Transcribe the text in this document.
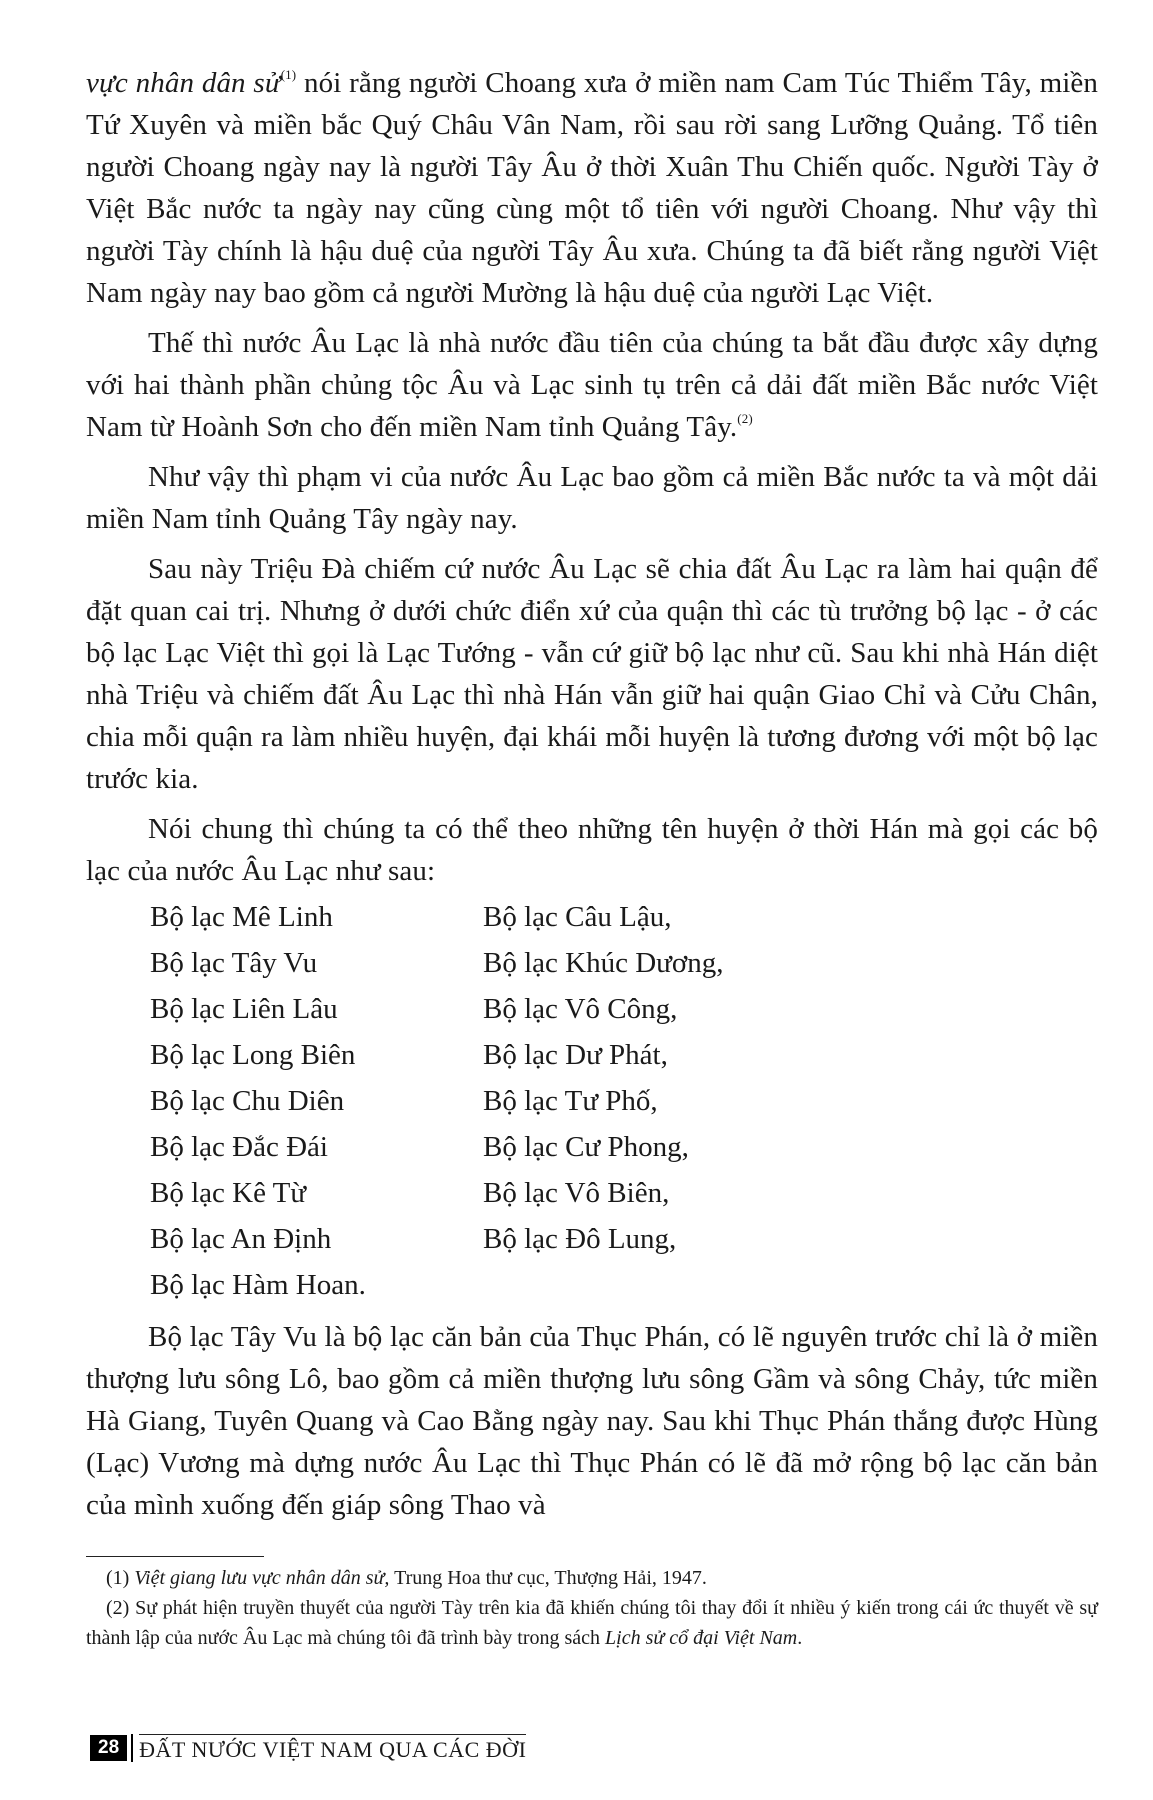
vực nhân dân sử$^{(1)}$ nói rằng người Choang xưa ở miền nam Cam Túc Thiểm Tây, miền Tứ Xuyên và miền bắc Quý Châu Vân Nam, rồi sau rời sang Lưỡng Quảng. Tổ tiên người Choang ngày nay là người Tây Âu ở thời Xuân Thu Chiến quốc. Người Tày ở Việt Bắc nước ta ngày nay cũng cùng một tổ tiên với người Choang. Như vậy thì người Tày chính là hậu duệ của người Tây Âu xưa. Chúng ta đã biết rằng người Việt Nam ngày nay bao gồm cả người Mường là hậu duệ của người Lạc Việt.

Thế thì nước Âu Lạc là nhà nước đầu tiên của chúng ta bắt đầu được xây dựng với hai thành phần chủng tộc Âu và Lạc sinh tụ trên cả dải đất miền Bắc nước Việt Nam từ Hoành Sơn cho đến miền Nam tỉnh Quảng Tây.$^{(2)}$

Như vậy thì phạm vi của nước Âu Lạc bao gồm cả miền Bắc nước ta và một dải miền Nam tỉnh Quảng Tây ngày nay.

Sau này Triệu Đà chiếm cứ nước Âu Lạc sẽ chia đất Âu Lạc ra làm hai quận để đặt quan cai trị. Nhưng ở dưới chức điển xứ của quận thì các tù trưởng bộ lạc - ở các bộ lạc Lạc Việt thì gọi là Lạc Tướng - vẫn cứ giữ bộ lạc như cũ. Sau khi nhà Hán diệt nhà Triệu và chiếm đất Âu Lạc thì nhà Hán vẫn giữ hai quận Giao Chỉ và Cửu Chân, chia mỗi quận ra làm nhiều huyện, đại khái mỗi huyện là tương đương với một bộ lạc trước kia.

Nói chung thì chúng ta có thể theo những tên huyện ở thời Hán mà gọi các bộ lạc của nước Âu Lạc như sau:

Bộ lạc Mê Linh	Bộ lạc Câu Lậu,
Bộ lạc Tây Vu	Bộ lạc Khúc Dương,
Bộ lạc Liên Lâu	Bộ lạc Vô Công,
Bộ lạc Long Biên	Bộ lạc Dư Phát,
Bộ lạc Chu Diên	Bộ lạc Tư Phố,
Bộ lạc Đắc Đái	Bộ lạc Cư Phong,
Bộ lạc Kê Từ	Bộ lạc Vô Biên,
Bộ lạc An Định	Bộ lạc Đô Lung,
Bộ lạc Hàm Hoan.

Bộ lạc Tây Vu là bộ lạc căn bản của Thục Phán, có lẽ nguyên trước chỉ là ở miền thượng lưu sông Lô, bao gồm cả miền thượng lưu sông Gầm và sông Chảy, tức miền Hà Giang, Tuyên Quang và Cao Bằng ngày nay. Sau khi Thục Phán thắng được Hùng (Lạc) Vương mà dựng nước Âu Lạc thì Thục Phán có lẽ đã mở rộng bộ lạc căn bản của mình xuống đến giáp sông Thao và

(1) Việt giang lưu vực nhân dân sử, Trung Hoa thư cục, Thượng Hải, 1947.

(2) Sự phát hiện truyền thuyết của người Tày trên kia đã khiến chúng tôi thay đổi ít nhiều ý kiến trong cái ức thuyết về sự thành lập của nước Âu Lạc mà chúng tôi đã trình bày trong sách Lịch sử cổ đại Việt Nam.

28 ĐẤT NƯỚC VIỆT NAM QUA CÁC ĐỜI
